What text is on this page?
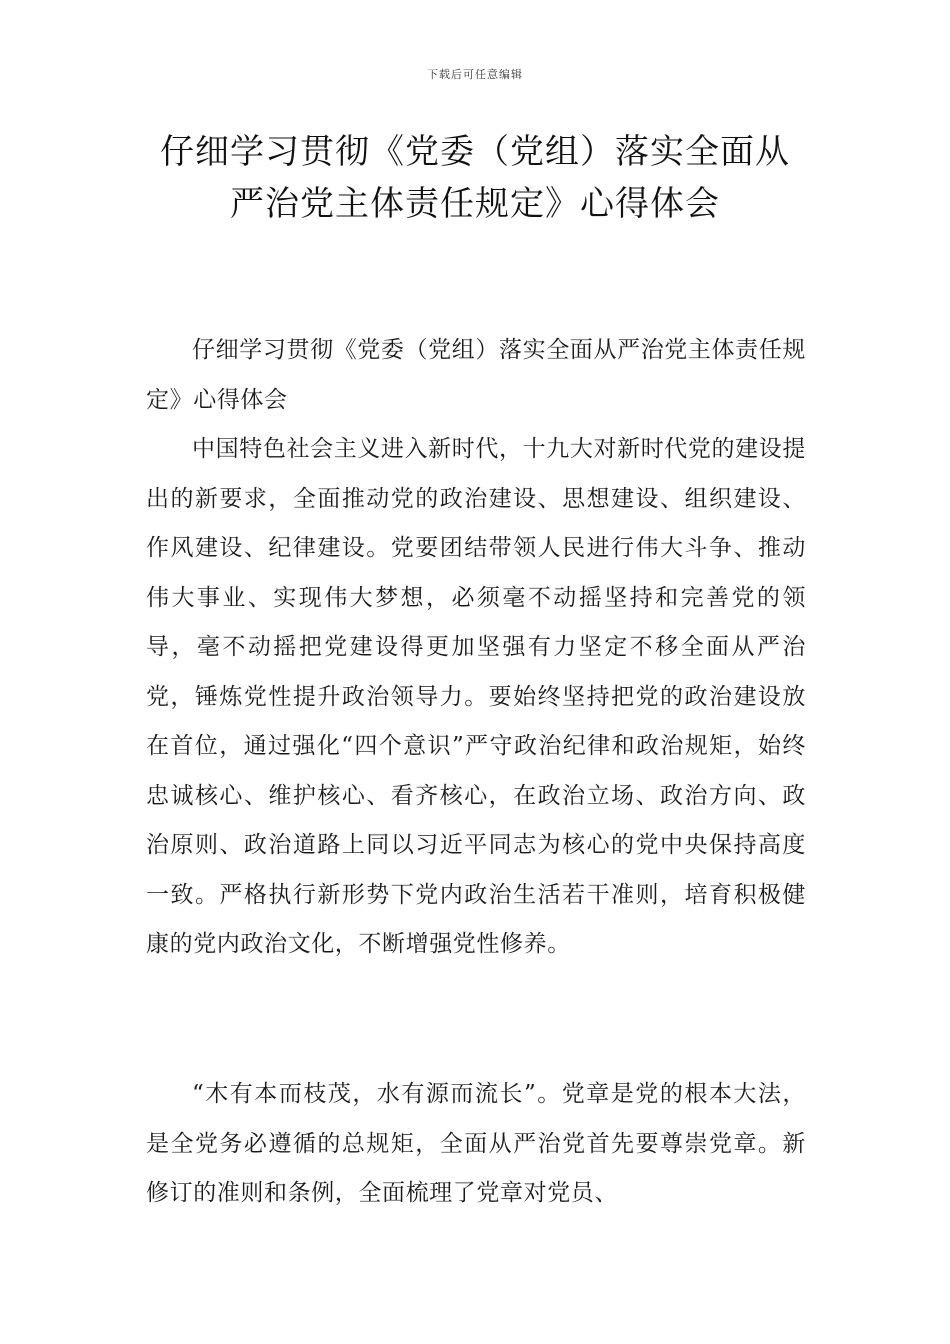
下载后可任意编辑
仔细学习贯彻《党委（党组）落实全面从
严治党主体责任规定》心得体会

仔细学习贯彻《党委（党组）落实全面从严治党主体责任规定》心得体会

中国特色社会主义进入新时代，十九大对新时代党的建设提出的新要求，全面推动党的政治建设、思想建设、组织建设、作风建设、纪律建设。党要团结带领人民进行伟大斗争、推动伟大事业、实现伟大梦想，必须毫不动摇坚持和完善党的领导，毫不动摇把党建设得更加坚强有力坚定不移全面从严治党，锤炼党性提升政治领导力。要始终坚持把党的政治建设放在首位，通过强化“四个意识”严守政治纪律和政治规矩，始终忠诚核心、维护核心、看齐核心，在政治立场、政治方向、政治原则、政治道路上同以习近平同志为核心的党中央保持高度一致。严格执行新形势下党内政治生活若干准则，培育积极健康的党内政治文化，不断增强党性修养。

“木有本而枝茂，水有源而流长”。党章是党的根本大法，是全党务必遵循的总规矩，全面从严治党首先要尊崇党章。新修订的准则和条例，全面梳理了党章对党员、
